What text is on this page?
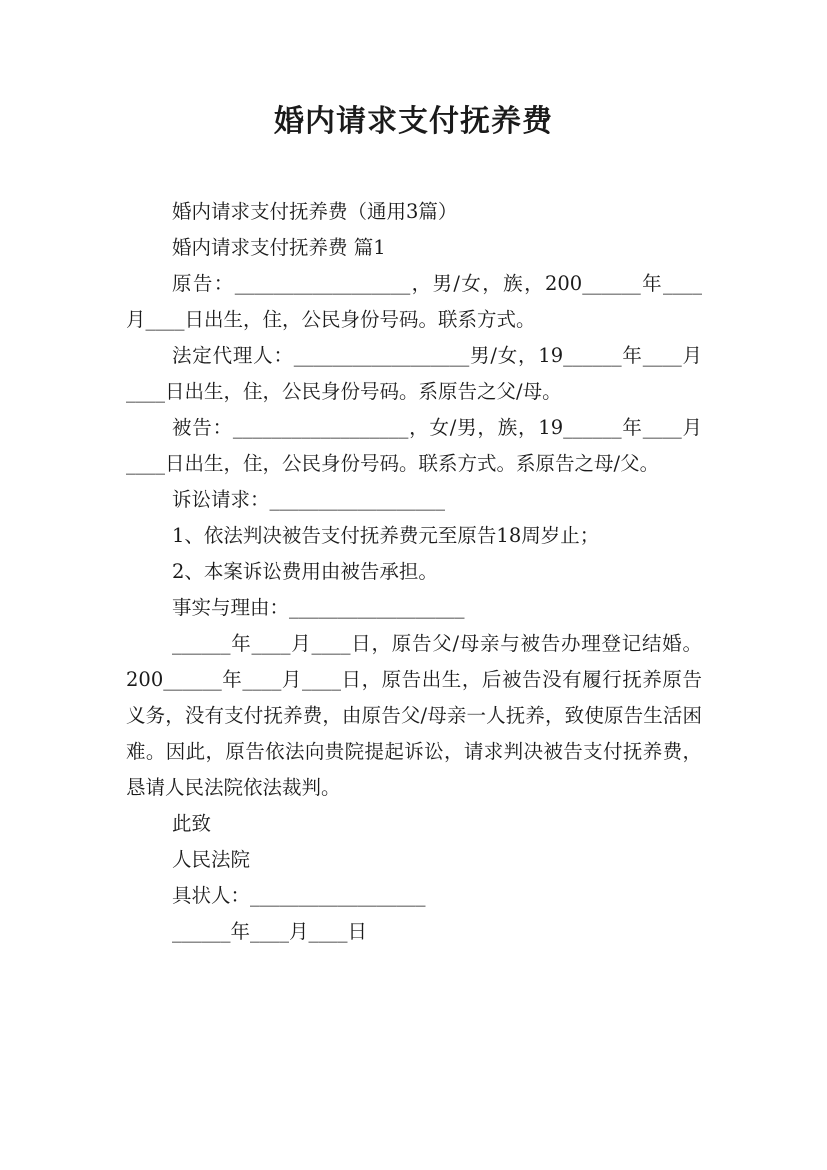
婚内请求支付抚养费

婚内请求支付抚养费（通用3篇）

婚内请求支付抚养费 篇1

原告：__________________，男/女，族，200______年____月____日出生，住，公民身份号码。联系方式。

法定代理人：__________________男/女，19______年____月____日出生，住，公民身份号码。系原告之父/母。

被告：__________________，女/男，族，19______年____月____日出生，住，公民身份号码。联系方式。系原告之母/父。

诉讼请求：__________________

1、依法判决被告支付抚养费元至原告18周岁止；

2、本案诉讼费用由被告承担。

事实与理由：__________________

______年____月____日，原告父/母亲与被告办理登记结婚。200______年____月____日，原告出生，后被告没有履行抚养原告义务，没有支付抚养费，由原告父/母亲一人抚养，致使原告生活困难。因此，原告依法向贵院提起诉讼，请求判决被告支付抚养费，恳请人民法院依法裁判。

此致

人民法院

具状人：__________________

______年____月____日
